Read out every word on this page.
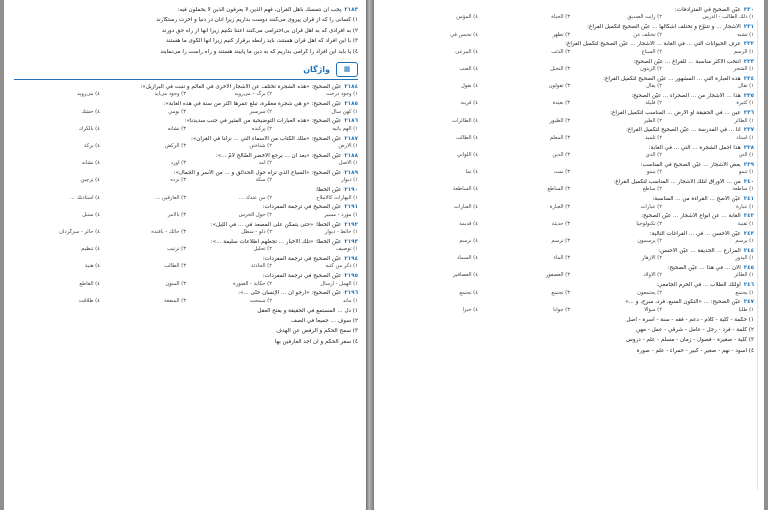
٢١٨٣يجب أن نتمسك بأهل القرآن، فهم الذين لا يعرفون الذين لا يحملون فيه:
١) كسانى را كه از قرآن پيروى مى‌كنند دوست بداريم زيرا آنان در دنيا و آخرت رستگارند
٢) به افرادى كه به اهل قرآن بى‌احترامى مى‌كنند اعتنا نكنيم زيرا آنها از راه حق دورند
٣) با اين افراد كه اهل قرآن هستند، بايد رابطه برقرار كنيم زيرا آنها الگوى ما هستند
٤) يا بايد اين افراد را گرامى بداريم كه به دين ما پايبند هستند و راه راست را مى‌نمايند
▦
واژگان
٢١٨٤عيّن الصحيح: «هذه الشجرة تختلف عن الأشجار الأخرى في العالم و تنبت في البرازيل»:
١) وجود درخت
٢) برگ – مى‌رويد
٣) وجود می‌آيد
٤) مى‌رويد
٢١٨٥عيّن الصحيح: «و هي شجرة معمّرة، تبلغ عمرها أكثر من سنة في هذه الغابة»:
١) كهن سال
٢) سرسبز
٣) بومي
٤) خشك
٢١٨٦عيّن الصحيح: «هذه العبارات التوضيحية من المثير في جنب سدیدنا»:
١) الهم ياتيه
٢) پركنده
٣) نشانه
٤) بالكرك
٢١٨٧عيّن الصحيح: «ملك الكتاب من الأسماء التي ... نزلنا في القرآن»:
١) الأرض
٢) شناختن
٣) الركض
٤) بركة
٢١٨٨عيّن الصحيح: «بعد أن ... يرجع الأخضر الصّالح لأمّ ...»:
١) الأصل
٢) آمد
٣) آورد
٤) نشاند
٢١٨٩عيّن الصحيح: «السياج الذي تراه حول الحدائق و ... من الأسر و الجمال»:
١) ديوار
٢) سكّة
٣) نرده
٤) پرچين
٢١٩٠عيّن الخطأ:
١) البهارات كالأملاح
٢) من عندك ...
٣) العارفين ...
٤) أستاذتك ...
٢١٩١عيّن الصحيح في ترجمة المفردات:
١) مورد - مسير
٢) حول الخرس
٣) بالأمر
٤) ستبل
٢١٩٢عيّن الخطأ: «حتى يتمكن على المصعد في ... في الليل»:
١) حائط - ديوار
٢) دلو - سطل
٣) حائك - بافنده
٤) حائر - سرگردان
٢١٩٣عيّن الخطأ: «تلك الأخبار ... تجعلهم اطلاعات سليمة ...»:
١) توصيف
٢) تحليل
٣) ترتيب
٤) تنظيم
٢١٩٤عيّن الصحيح في ترجمة المفردات:
١) ذکر من كتبه
٢) الحادثة
٣) الطالب
٤) هنية
٢١٩٥عيّن الصحيح في ترجمة المفردات:
١) الهمل - ارسال
٢) حكاية - الصورة
٣) المنون
٤) القاطع
٢١٩٦عيّن الصحيح: «أرجو أن ... الإنسان حتّى ...»:
١) ماند
٢) سمحت
٣) المنفعة
٤) طلاقت
١) دلّ ... المستمع في الحقيقة و يفتح العقل
٢) سوف ... جميعا في الصف
٣) سمح الحكم و الرفض عن الهدف
٤) سفر الحكم و أن أجد العارفين بها
٢٣٠عيّن الصحيح في المترادفات:
١) ذلك الطالب - الدرس
٢) رأيت الصديق
٣) الحياة
٤) المؤمن
٢٣١الأشجار ... و تتنوّع و تختلف أشكالها ... عيّن الصحيح لتكميل الفراغ:
١) تشبه
٢) تختلف عن
٣) تظهر
٤) تحبس في
٢٣٢عرف الحيوانات التي ... في الغابة ... الأشجار ... عيّن الصحيح لتكميل الفراغ:
١) الرسم
٢) السباع
٣) الذئب
٤) المرعى
٢٣٣انتخب الأكثر مناسبة ... للفراغ ... عيّن الصحيح:
١) الشجر
٢) الزيتون
٣) النخيل
٤) العنب
٢٣٤هذه العبارة التي ... المشهور ... عيّن الصحيح لتكميل الفراغ:
١) تقال
٢) يقال
٣) تقولون
٤) نقول
٢٣٥هذا ... الأشجار من ... الصحراء ... عيّن الصحيح:
١) كثيرة
٢) قليلة
٣) بعيدة
٤) قريبة
٢٣٦عين ... في الحقيقة أو الأرض ... المناسب لتكميل الفراغ:
١) الطائر
٢) الطير
٣) الطيور
٤) الطائرات
٢٣٧أنا ... في المدرسة ... عيّن الصحيح لتكميل الفراغ:
١) أستاذ
٢) تلميذ
٣) المعلم
٤) الطالب
٢٣٨هذا أجمل الشجرة ... التي ... في الغابة:
١) التي
٢) الذي
٣) الذين
٤) اللواتي
٢٣٩بعض الأشجار ... عيّن الصحيح في المناسب:
١) تنمو
٢) ينمو
٣) نمت
٤) نما
٢٤٠من ... الأوراق لتلك الأشجار ... المناسب لتكميل الفراغ:
١) ساطعة
٢) ساطع
٣) الساطع
٤) الساطعة
٢٤١عيّن الأصح ... القراءة من ... المناسبة:
١) عبارة
٢) عبارات
٣) العبارة
٤) العبارات
٢٤٢الغابة ... عن أنواع الأشجار ... عيّن الصحيح:
١) تقنية
٢) تكنولوجيا
٣) حديثة
٤) قديمة
٢٤٣عيّن الأحسن ... في ... الفراغات التالية:
١) يرسم
٢) يرسمون
٣) ترسم
٤) نرسم
٢٤٤المزارع ... الحديقة ... عيّن الأحسن:
١) البذور
٢) الأزهار
٣) الماء
٤) السماد
٢٤٥الآن ... في هذا ... عيّن الصحيح:
١) الطائر
٢) الأولاد
٣) العصفور
٤) العصافير
٢٤٦أولئك الطلاب ... في الحرم الجامعي:
١) يجتمع
٢) يجتمعون
٣) تجتمع
٤) نجتمع
٢٤٧عيّن الصحيح: ... «التكون المنبع، فرد، سرح، و ...»
١) طلبا
٢) سؤالا
٣) جوابا
٤) خبرا
١) حكمة - كلية - كلام - دعم - فقه - سنة - أسرة - أصل
٢) كلمة - فرد - رجل - عامل - شرقي - عمل - مهن
٣) كلية - صغيرة - فصول - زمان - مسلم - علم - دروس
٤) أسود - نهم - صغير - كبير - حمراء - علم - صورة
